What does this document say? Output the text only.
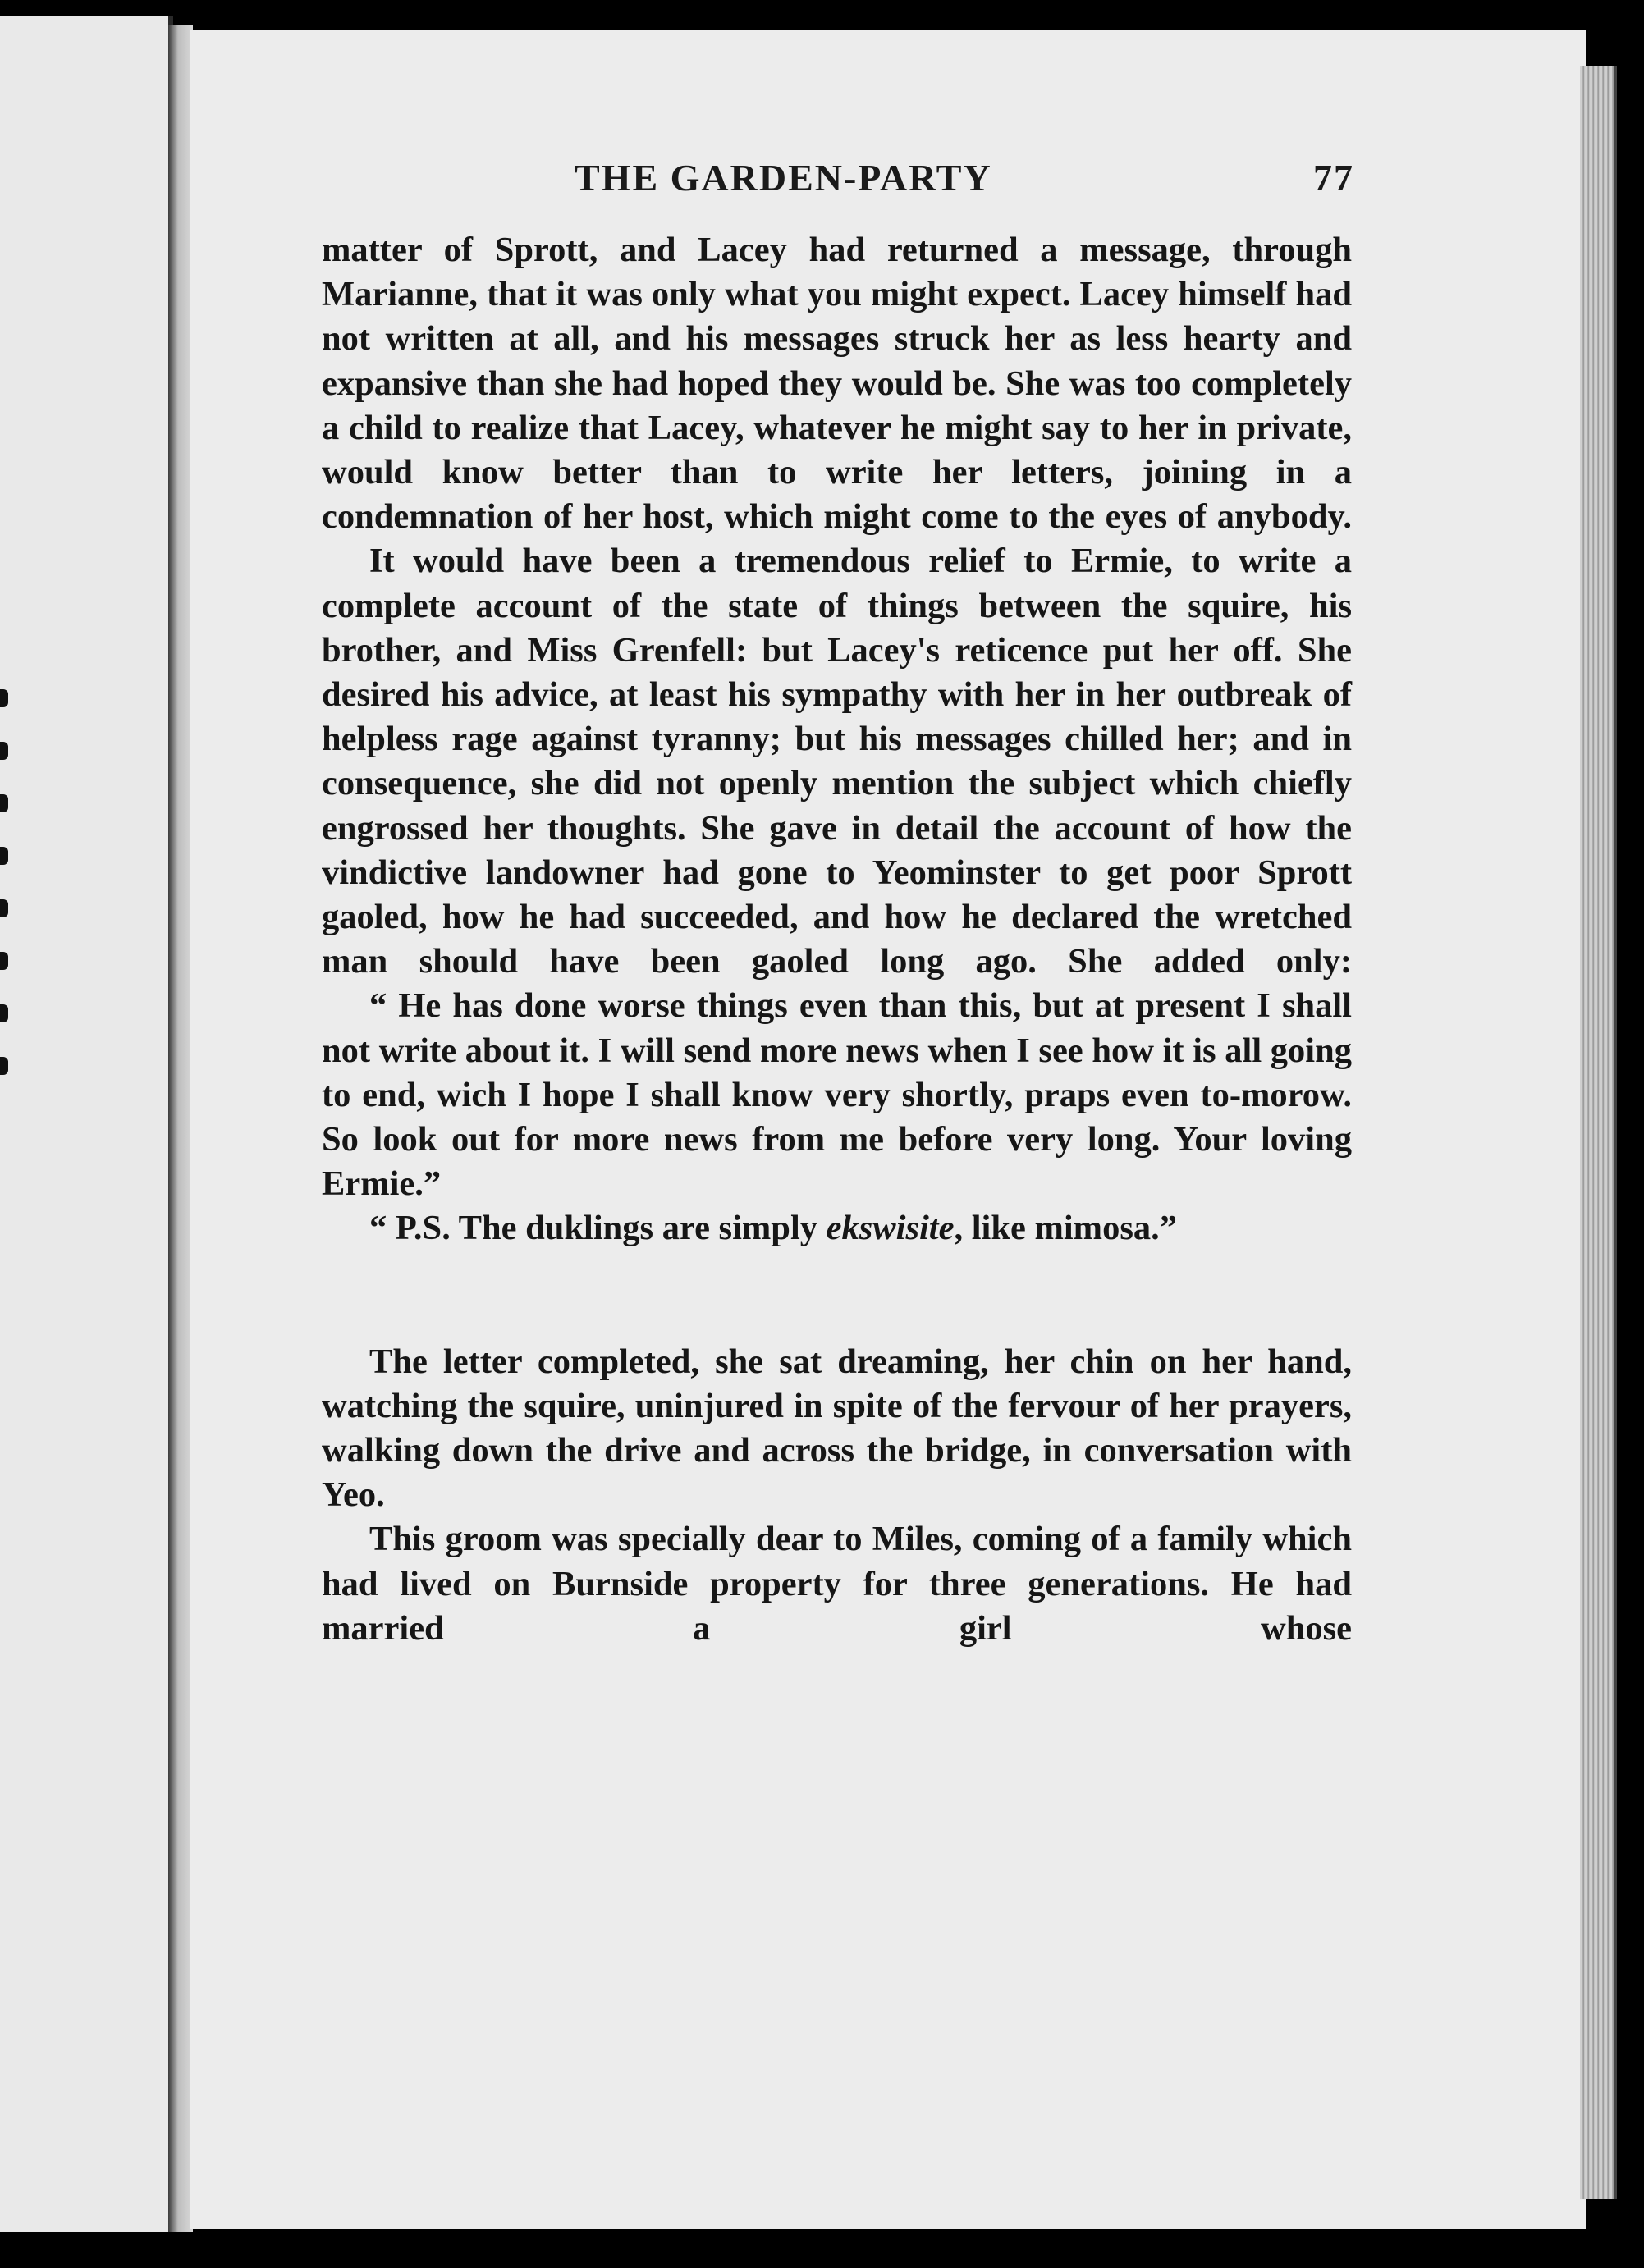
THE GARDEN-PARTY	77

matter of Sprott, and Lacey had returned a message, through Marianne, that it was only what you might expect. Lacey himself had not written at all, and his messages struck her as less hearty and expansive than she had hoped they would be. She was too completely a child to realize that Lacey, whatever he might say to her in private, would know better than to write her letters, joining in a condemnation of her host, which might come to the eyes of anybody.

It would have been a tremendous relief to Ermie, to write a complete account of the state of things between the squire, his brother, and Miss Grenfell: but Lacey's reticence put her off. She desired his advice, at least his sympathy with her in her outbreak of helpless rage against tyranny; but his messages chilled her; and in consequence, she did not openly mention the subject which chiefly engrossed her thoughts. She gave in detail the account of how the vindictive landowner had gone to Yeominster to get poor Sprott gaoled, how he had succeeded, and how he declared the wretched man should have been gaoled long ago. She added only:

“ He has done worse things even than this, but at present I shall not write about it. I will send more news when I see how it is all going to end, wich I hope I shall know very shortly, praps even to-morow. So look out for more news from me before very long. Your loving Ermie.”

“ P.S. The duklings are simply ekswisite, like mimosa.”

The letter completed, she sat dreaming, her chin on her hand, watching the squire, uninjured in spite of the fervour of her prayers, walking down the drive and across the bridge, in conversation with Yeo.

This groom was specially dear to Miles, coming of a family which had lived on Burnside property for three generations. He had married a girl whose
